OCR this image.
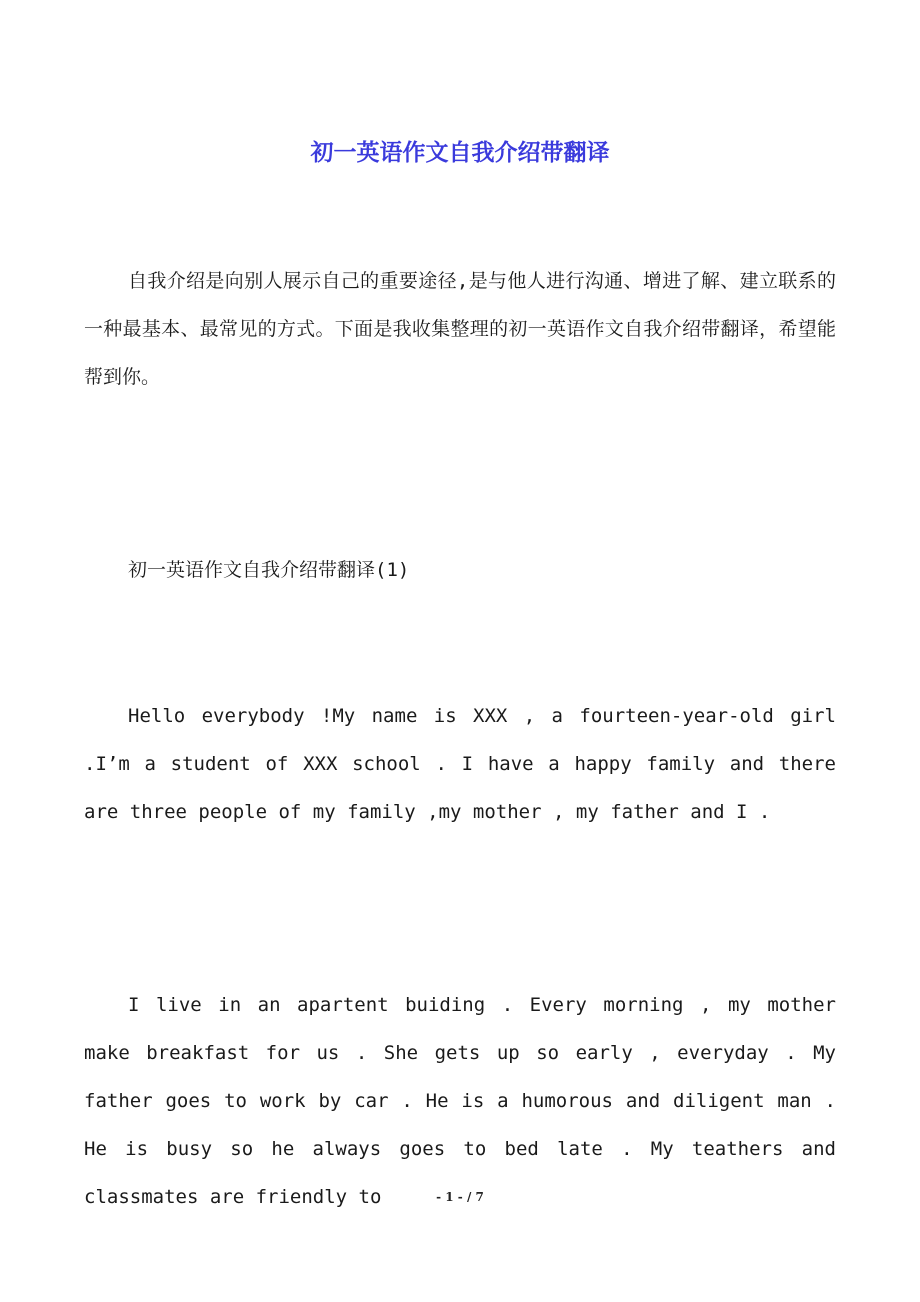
初一英语作文自我介绍带翻译

自我介绍是向别人展示自己的重要途径,是与他人进行沟通、增进了解、建立联系的一种最基本、最常见的方式。下面是我收集整理的初一英语作文自我介绍带翻译，希望能帮到你。

初一英语作文自我介绍带翻译(1)

Hello everybody !My name is XXX , a fourteen-year-old girl .I’m a student of XXX school . I have a happy family and there are three people of my family ,my mother , my father and I .

I live in an apartent buiding . Every morning , my mother make breakfast for us . She gets up so early , everyday . My father goes to work by car . He is a humorous and diligent man . He is busy so he always goes to bed late . My teathers and classmates are friendly to	- 1 - / 7
